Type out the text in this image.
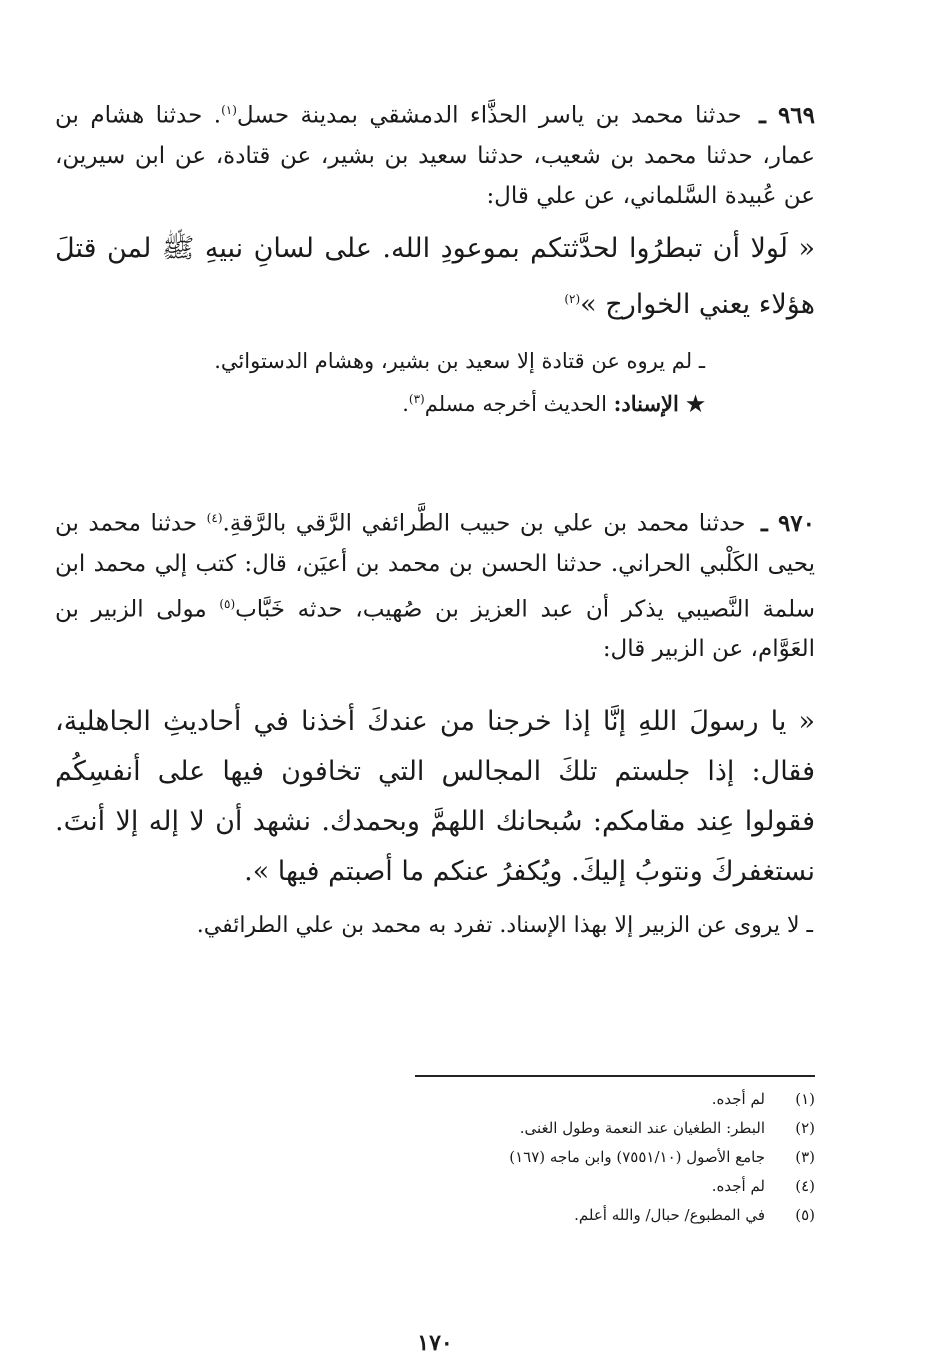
٩٦٩ ـ حدثنا محمد بن ياسر الحذَّاء الدمشقي بمدينة حسل$^{(١)}$. حدثنا هشام بن عمار، حدثنا محمد بن شعيب، حدثنا سعيد بن بشير، عن قتادة، عن ابن سيرين، عن عُبيدة السَّلماني، عن علي قال:

« لَولا أن تبطرُوا لحدَّثتكم بموعودِ الله. على لسانِ نبيهِ ﷺ لمن قتلَ هؤلاء يعني الخوارج »$^{(٢)}$

ـ لم يروه عن قتادة إلا سعيد بن بشير، وهشام الدستوائي.

★ الإسناد: الحديث أخرجه مسلم$^{(٣)}$.

٩٧٠ ـ حدثنا محمد بن علي بن حبيب الطَّرائفي الرَّقي بالرَّقةِ.$^{(٤)}$ حدثنا محمد بن يحيى الكَلْبي الحراني. حدثنا الحسن بن محمد بن أعيَن، قال: كتب إلي محمد ابن سلمة النَّصيبي يذكر أن عبد العزيز بن صُهيب، حدثه خَبَّاب$^{(٥)}$ مولى الزبير بن العَوَّام، عن الزبير قال:

« يا رسولَ اللهِ إنَّا إذا خرجنا من عندكَ أخذنا في أحاديثِ الجاهلية، فقال: إذا جلستم تلكَ المجالس التي تخافون فيها على أنفسِكُم فقولوا عِند مقامكم: سُبحانك اللهمَّ وبحمدك. نشهد أن لا إله إلا أنتَ. نستغفركَ ونتوبُ إليكَ. ويُكفرُ عنكم ما أصبتم فيها ».

ـ لا يروى عن الزبير إلا بهذا الإسناد. تفرد به محمد بن علي الطرائفي.

(١)لم أجده.

(٢)البطر: الطغيان عند النعمة وطول الغنى.

(٣)جامع الأصول (٧٥٥١/١٠) وابن ماجه (١٦٧)

(٤)لم أجده.

(٥)في المطبوع/ حبال/ والله أعلم.

١٧٠
